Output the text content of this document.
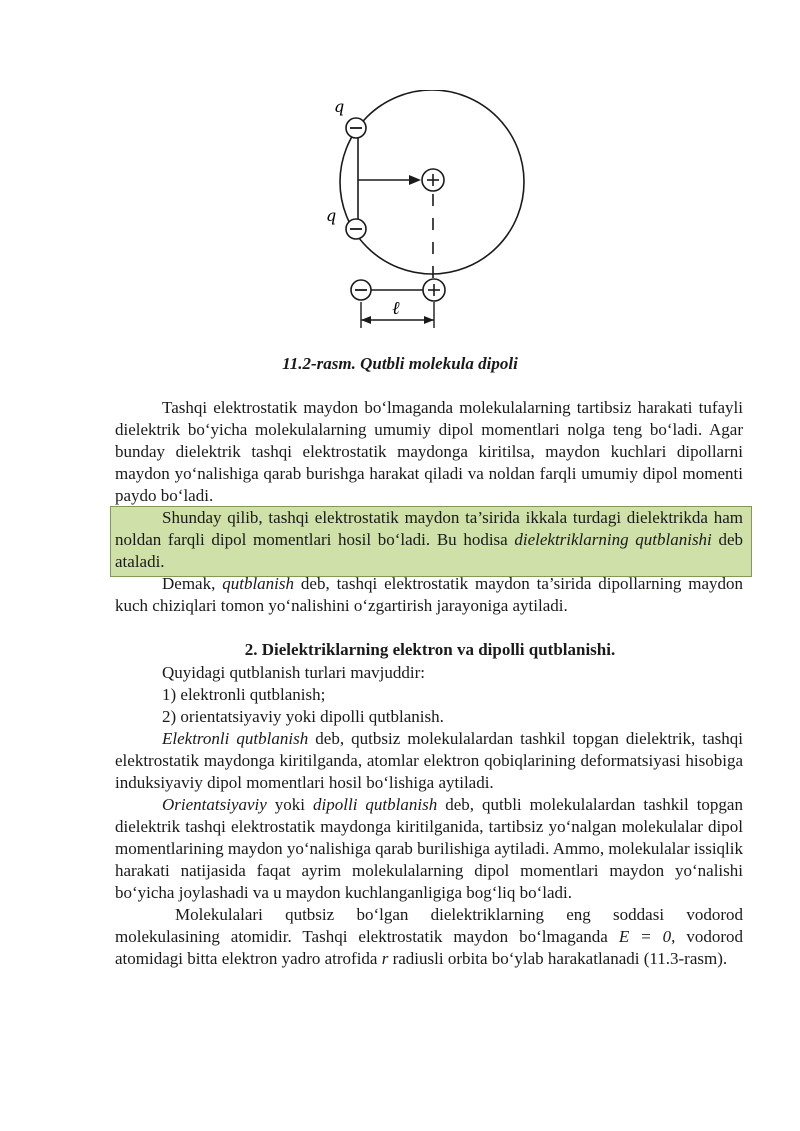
q
q
ℓ
11.2-rasm. Qutbli molekula dipoli

Tashqi elektrostatik maydon bo‘lmaganda molekulalarning tartibsiz harakati tufayli dielektrik bo‘yicha molekulalarning umumiy dipol momentlari nolga teng bo‘ladi. Agar bunday dielektrik tashqi elektrostatik maydonga kiritilsa, maydon kuchlari dipollarni maydon yo‘nalishiga qarab burishga harakat qiladi va noldan farqli umumiy dipol momenti paydo bo‘ladi.

Shunday qilib, tashqi elektrostatik maydon ta’sirida ikkala turdagi dielektrikda ham noldan farqli dipol momentlari hosil bo‘ladi. Bu hodisa dielektriklarning qutblanishi deb ataladi.

Demak, qutblanish deb, tashqi elektrostatik maydon ta’sirida dipollarning maydon kuch chiziqlari tomon yo‘nalishini o‘zgartirish jarayoniga aytiladi.

2. Dielektriklarning elektron va dipolli qutblanishi.

Quyidagi qutblanish turlari mavjuddir:

1) elektronli qutblanish;

2) orientatsiyaviy yoki dipolli qutblanish.

Elektronli qutblanish deb, qutbsiz molekulalardan tashkil topgan dielektrik, tashqi elektrostatik maydonga kiritilganda, atomlar elektron qobiqlarining deformatsiyasi hisobiga induksiyaviy dipol momentlari hosil bo‘lishiga aytiladi.

Orientatsiyaviy yoki dipolli qutblanish deb, qutbli molekulalardan tashkil topgan dielektrik tashqi elektrostatik maydonga kiritilganida, tartibsiz yo‘nalgan molekulalar dipol momentlarining maydon yo‘nalishiga qarab burilishiga aytiladi. Ammo, molekulalar issiqlik harakati natijasida faqat ayrim molekulalarning dipol momentlari maydon yo‘nalishi bo‘yicha joylashadi va u maydon kuchlanganligiga bog‘liq bo‘ladi.

Molekulalari qutbsiz bo‘lgan dielektriklarning eng soddasi vodorod molekulasining atomidir. Tashqi elektrostatik maydon bo‘lmaganda E = 0, vodorod atomidagi bitta elektron yadro atrofida r radiusli orbita bo‘ylab harakatlanadi (11.3-rasm).
